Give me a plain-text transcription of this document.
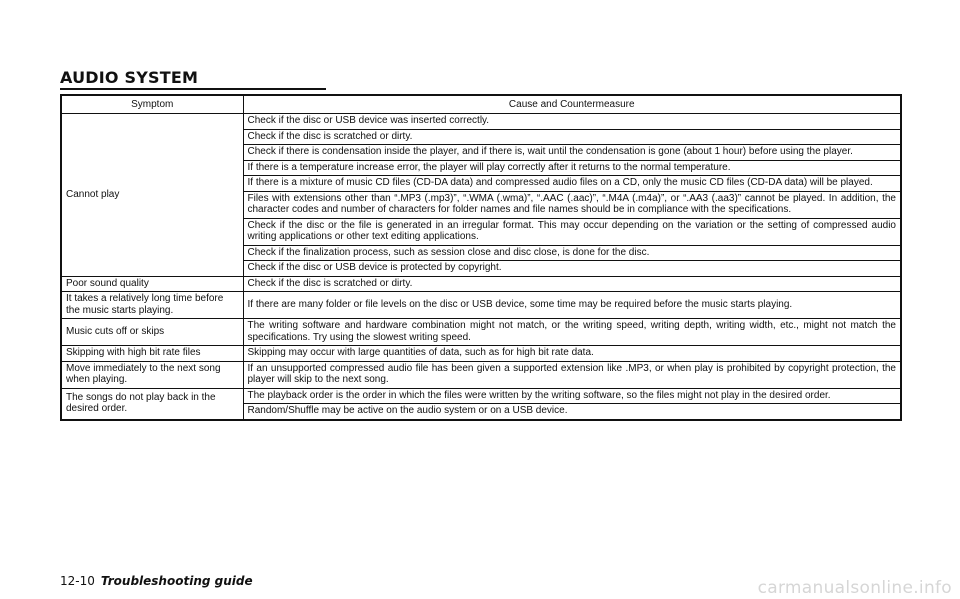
AUDIO SYSTEM
Symptom	Cause and Countermeasure
Cannot play	Check if the disc or USB device was inserted correctly.
	Check if the disc is scratched or dirty.
	Check if there is condensation inside the player, and if there is, wait until the condensation is gone (about 1 hour) before using the player.
	If there is a temperature increase error, the player will play correctly after it returns to the normal temperature.
	If there is a mixture of music CD files (CD-DA data) and compressed audio files on a CD, only the music CD files (CD-DA data) will be played.
	Files with extensions other than “.MP3 (.mp3)”, “.WMA (.wma)”, “.AAC (.aac)”, “.M4A (.m4a)”, or “.AA3 (.aa3)” cannot be played. In addition, the character codes and number of characters for folder names and file names should be in compliance with the specifications.
	Check if the disc or the file is generated in an irregular format. This may occur depending on the variation or the setting of compressed audio writing applications or other text editing applications.
	Check if the finalization process, such as session close and disc close, is done for the disc.
	Check if the disc or USB device is protected by copyright.
Poor sound quality	Check if the disc is scratched or dirty.
It takes a relatively long time before the music starts playing.	If there are many folder or file levels on the disc or USB device, some time may be required before the music starts playing.
Music cuts off or skips	The writing software and hardware combination might not match, or the writing speed, writing depth, writing width, etc., might not match the specifications. Try using the slowest writing speed.
Skipping with high bit rate files	Skipping may occur with large quantities of data, such as for high bit rate data.
Move immediately to the next song when playing.	If an unsupported compressed audio file has been given a supported extension like .MP3, or when play is prohibited by copyright protection, the player will skip to the next song.
The songs do not play back in the desired order.	The playback order is the order in which the files were written by the writing software, so the files might not play in the desired order.
	Random/Shuffle may be active on the audio system or on a USB device.
12-10 Troubleshooting guide	carmanualsonline.info
